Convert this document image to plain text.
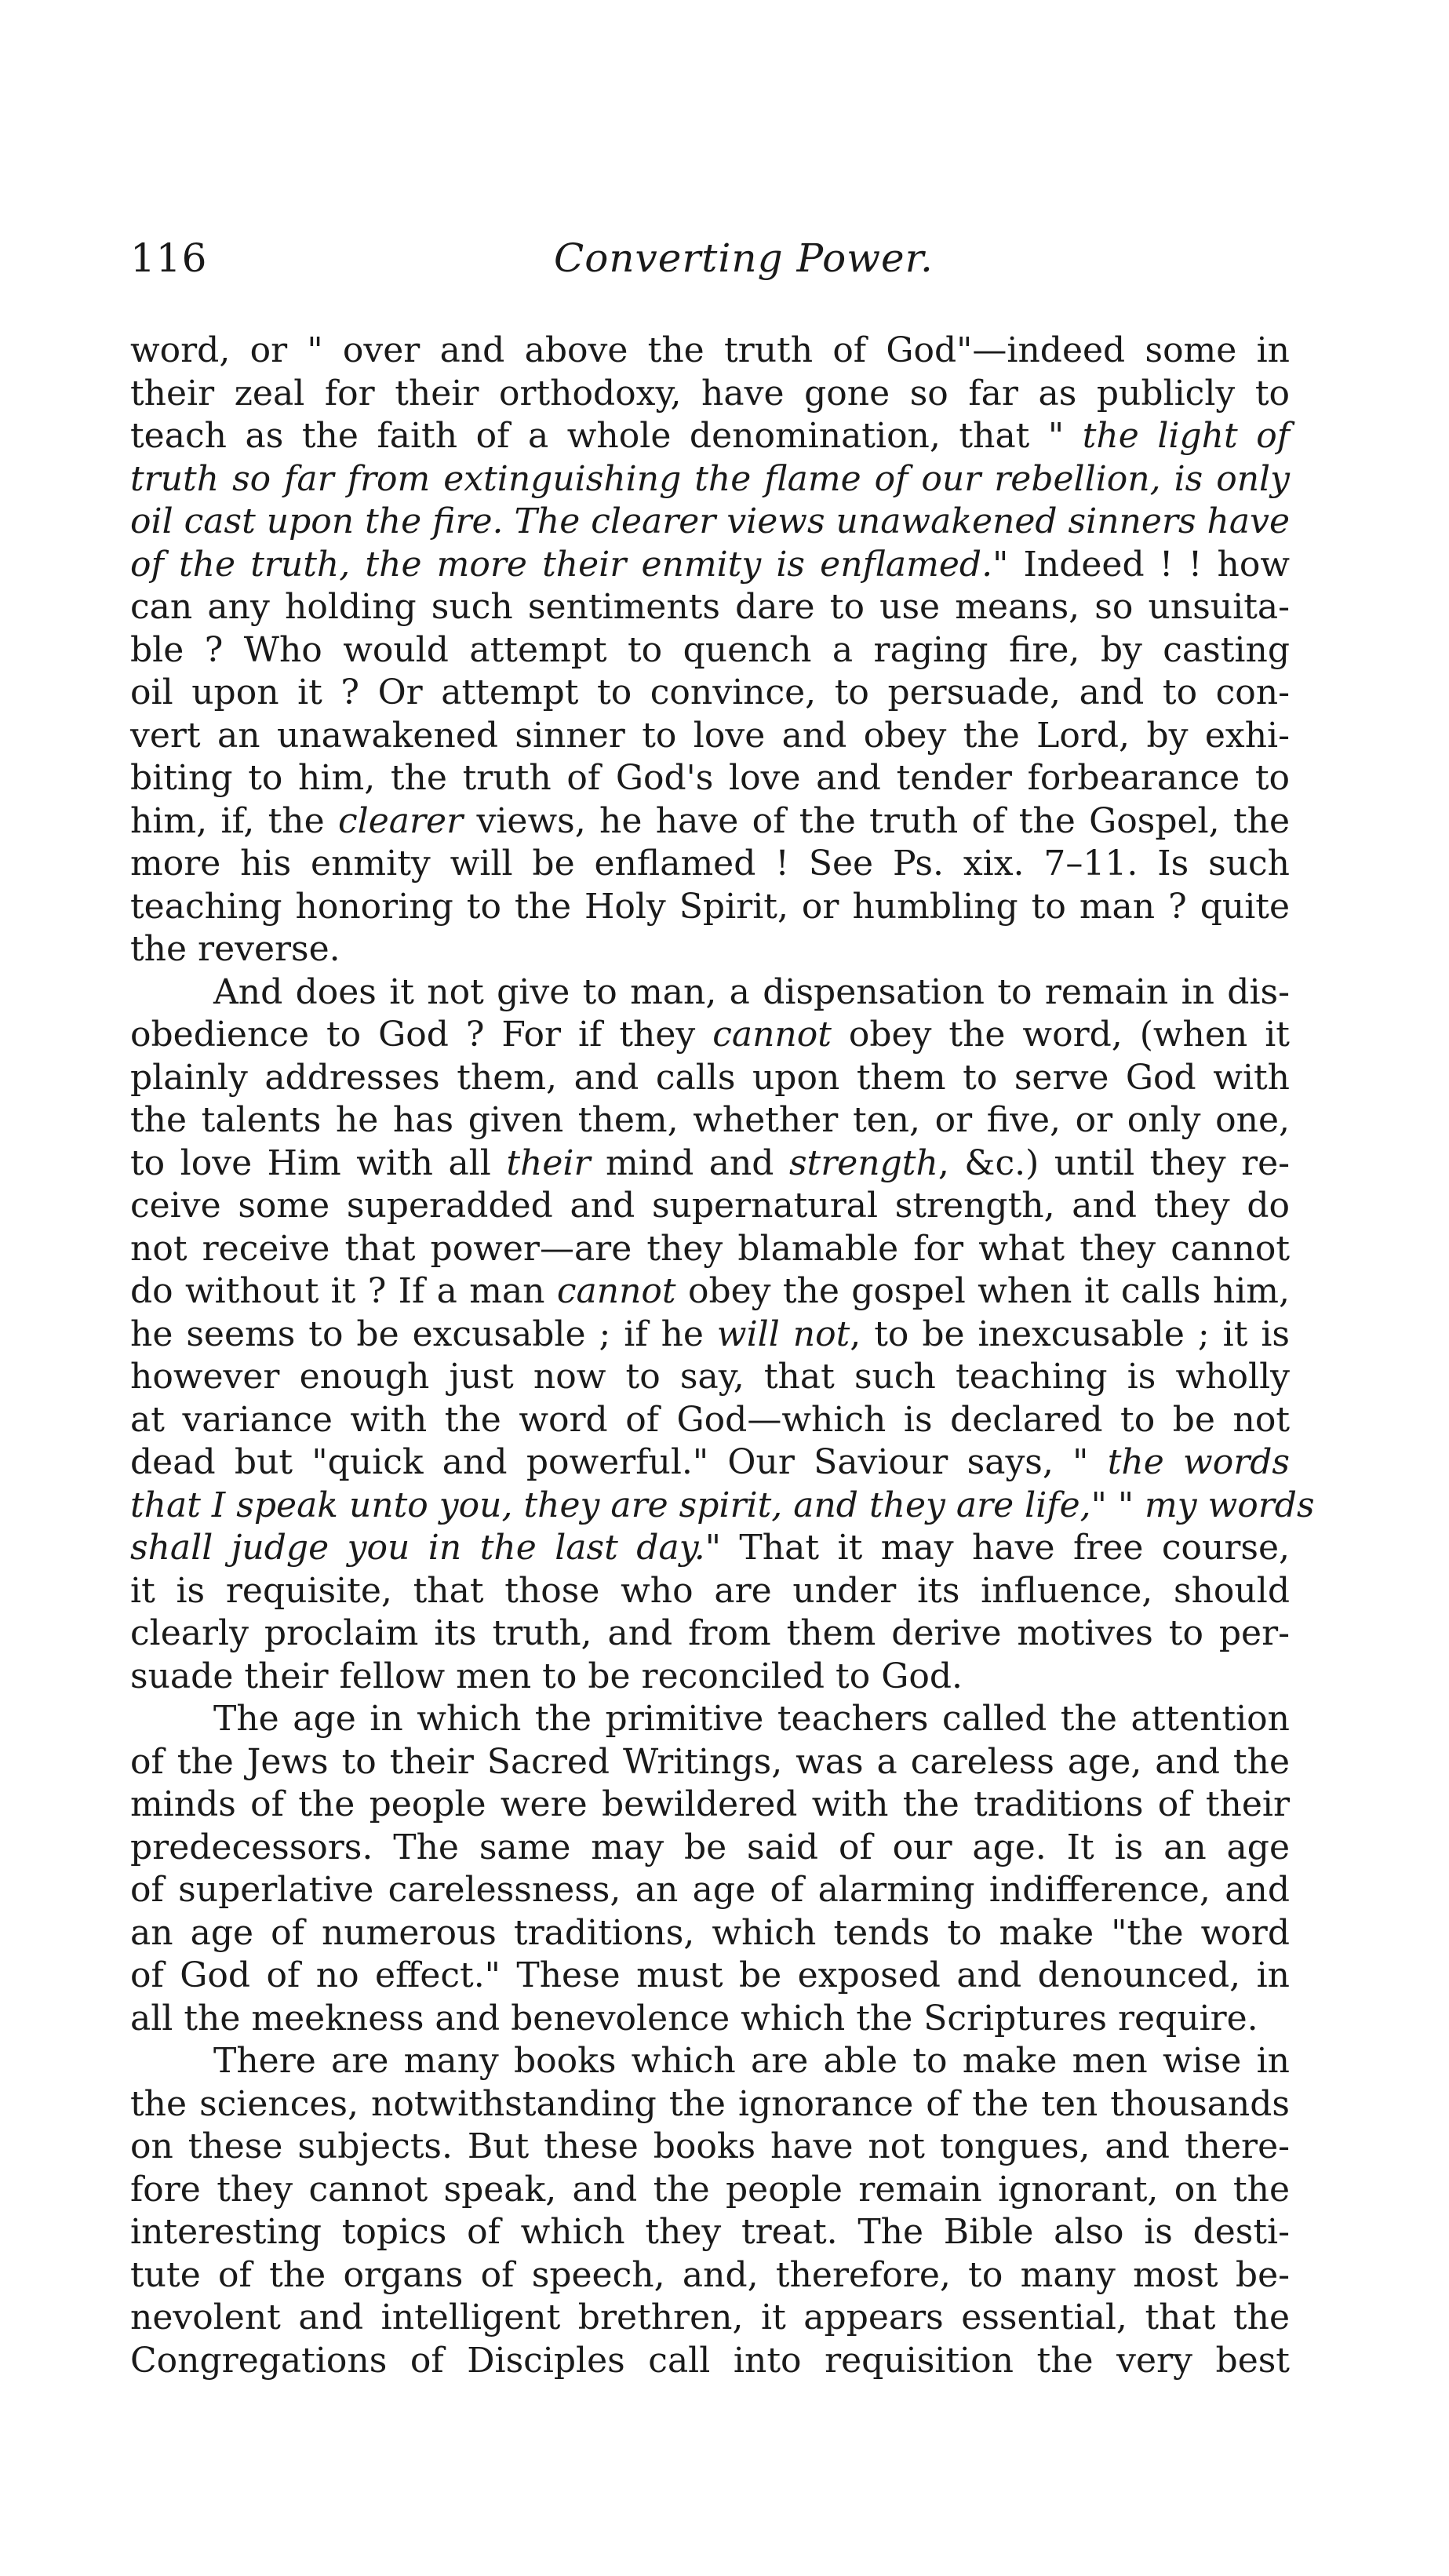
116	Converting Power.
word, or " over and above the truth of God"—indeed some in
their zeal for their orthodoxy, have gone so far as publicly to
teach as the faith of a whole denomination, that " the light of
truth so far from extinguishing the flame of our rebellion, is only
oil cast upon the fire. The clearer views unawakened sinners have
of the truth, the more their enmity is enflamed." Indeed ! ! how
can any holding such sentiments dare to use means, so unsuita-
ble ? Who would attempt to quench a raging fire, by casting
oil upon it ? Or attempt to convince, to persuade, and to con-
vert an unawakened sinner to love and obey the Lord, by exhi-
biting to him, the truth of God's love and tender forbearance to
him, if, the clearer views, he have of the truth of the Gospel, the
more his enmity will be enflamed ! See Ps. xix. 7–11. Is such
teaching honoring to the Holy Spirit, or humbling to man ? quite
the reverse.
And does it not give to man, a dispensation to remain in dis-
obedience to God ? For if they cannot obey the word, (when it
plainly addresses them, and calls upon them to serve God with
the talents he has given them, whether ten, or five, or only one,
to love Him with all their mind and strength, &c.) until they re-
ceive some superadded and supernatural strength, and they do
not receive that power—are they blamable for what they cannot
do without it ? If a man cannot obey the gospel when it calls him,
he seems to be excusable ; if he will not, to be inexcusable ; it is
however enough just now to say, that such teaching is wholly
at variance with the word of God—which is declared to be not
dead but "quick and powerful." Our Saviour says, " the words
that I speak unto you, they are spirit, and they are life," " my words
shall judge you in the last day." That it may have free course,
it is requisite, that those who are under its influence, should
clearly proclaim its truth, and from them derive motives to per-
suade their fellow men to be reconciled to God.
The age in which the primitive teachers called the attention
of the Jews to their Sacred Writings, was a careless age, and the
minds of the people were bewildered with the traditions of their
predecessors. The same may be said of our age. It is an age
of superlative carelessness, an age of alarming indifference, and
an age of numerous traditions, which tends to make "the word
of God of no effect." These must be exposed and denounced, in
all the meekness and benevolence which the Scriptures require.
There are many books which are able to make men wise in
the sciences, notwithstanding the ignorance of the ten thousands
on these subjects. But these books have not tongues, and there-
fore they cannot speak, and the people remain ignorant, on the
interesting topics of which they treat. The Bible also is desti-
tute of the organs of speech, and, therefore, to many most be-
nevolent and intelligent brethren, it appears essential, that the
Congregations of Disciples call into requisition the very best
